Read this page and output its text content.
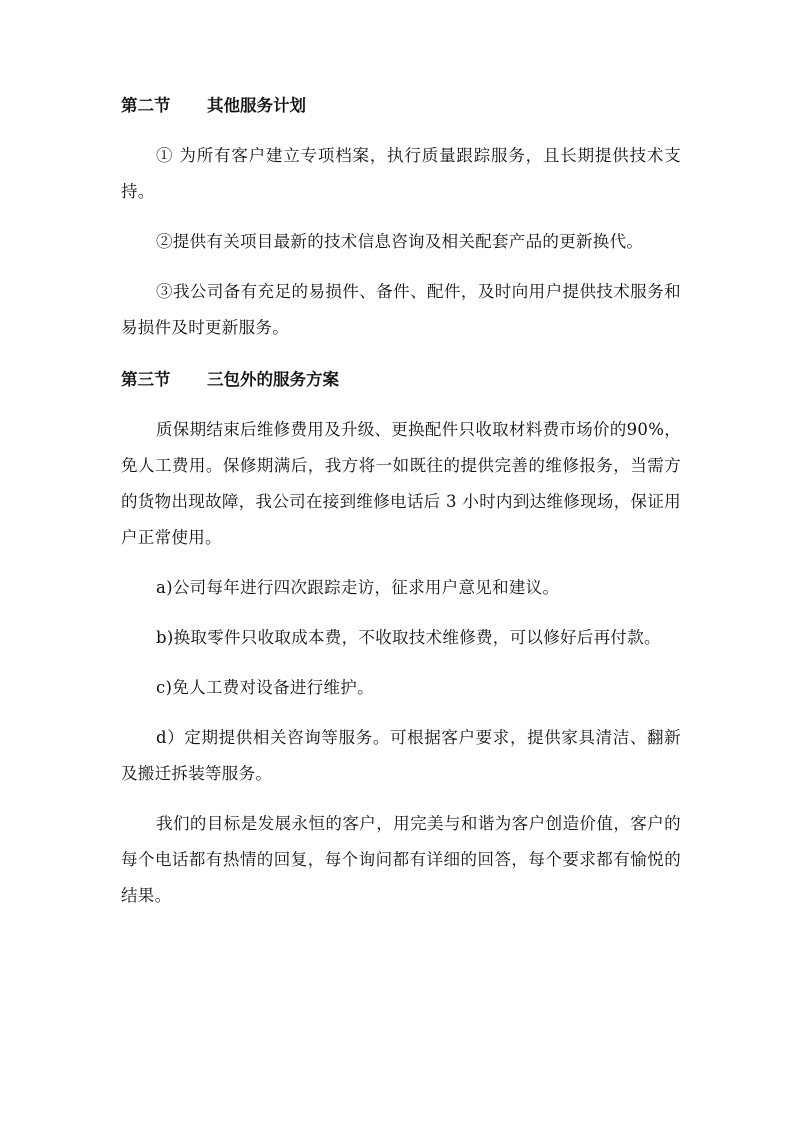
第二节 其他服务计划

① 为所有客户建立专项档案，执行质量跟踪服务，且长期提供技术支持。

②提供有关项目最新的技术信息咨询及相关配套产品的更新换代。

③我公司备有充足的易损件、备件、配件，及时向用户提供技术服务和易损件及时更新服务。

第三节 三包外的服务方案

质保期结束后维修费用及升级、更换配件只收取材料费市场价的90%，免人工费用。保修期满后，我方将一如既往的提供完善的维修报务，当需方的货物出现故障，我公司在接到维修电话后 3 小时内到达维修现场，保证用户正常使用。

a)公司每年进行四次跟踪走访，征求用户意见和建议。

b)换取零件只收取成本费，不收取技术维修费，可以修好后再付款。

c)免人工费对设备进行维护。

d）定期提供相关咨询等服务。可根据客户要求，提供家具清洁、翻新及搬迁拆装等服务。

我们的目标是发展永恒的客户，用完美与和谐为客户创造价值，客户的每个电话都有热情的回复，每个询问都有详细的回答，每个要求都有愉悦的结果。
